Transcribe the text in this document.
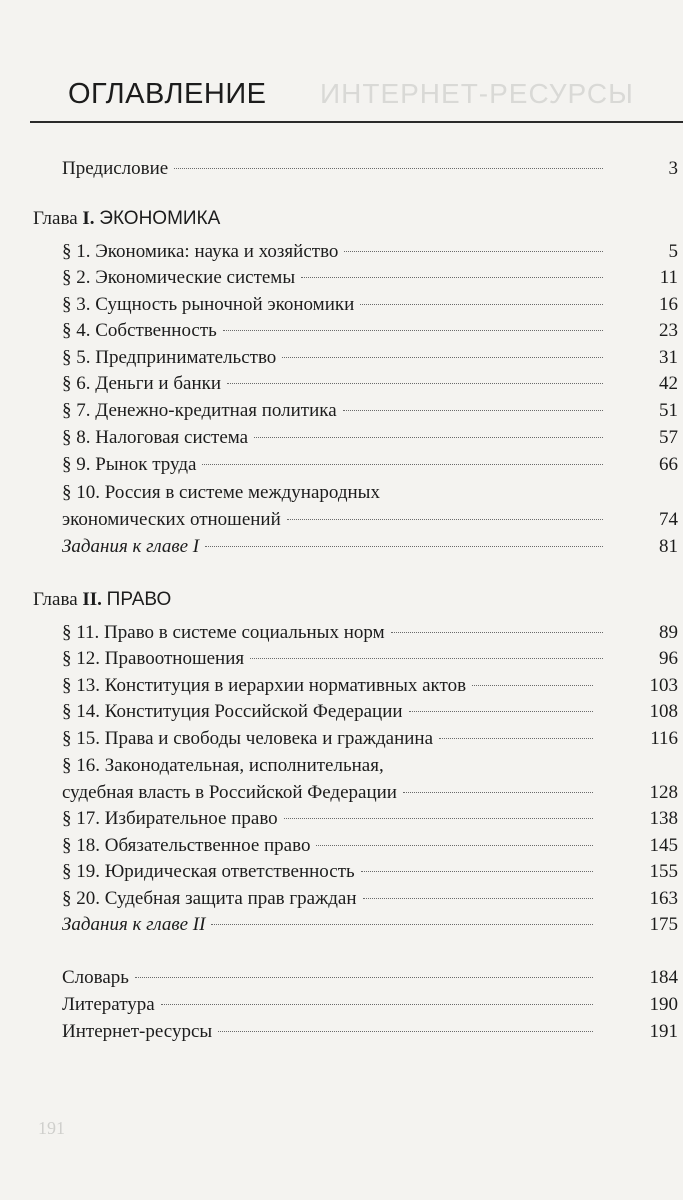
ИНТЕРНЕТ-РЕСУРСЫ
191
ОГЛАВЛЕНИЕ
Предисловие	3
Глава
I.
ЭКОНОМИКА
§ 1. Экономика: наука и хозяйство	5
§ 2. Экономические системы	11
§ 3. Сущность рыночной экономики	16
§ 4. Собственность	23
§ 5. Предпринимательство	31
§ 6. Деньги и банки	42
§ 7. Денежно-кредитная политика	51
§ 8. Налоговая система	57
§ 9. Рынок труда	66
§ 10. Россия в системе международных
экономических отношений	74
Задания к главе I	81
Глава
II.
ПРАВО
§ 11. Право в системе социальных норм	89
§ 12. Правоотношения	96
§ 13. Конституция в иерархии нормативных актов	103
§ 14. Конституция Российской Федерации	108
§ 15. Права и свободы человека и гражданина	116
§ 16. Законодательная, исполнительная,
судебная власть в Российской Федерации	128
§ 17. Избирательное право	138
§ 18. Обязательственное право	145
§ 19. Юридическая ответственность	155
§ 20. Судебная защита прав граждан	163
Задания к главе II	175
Словарь	184
Литература	190
Интернет-ресурсы	191
